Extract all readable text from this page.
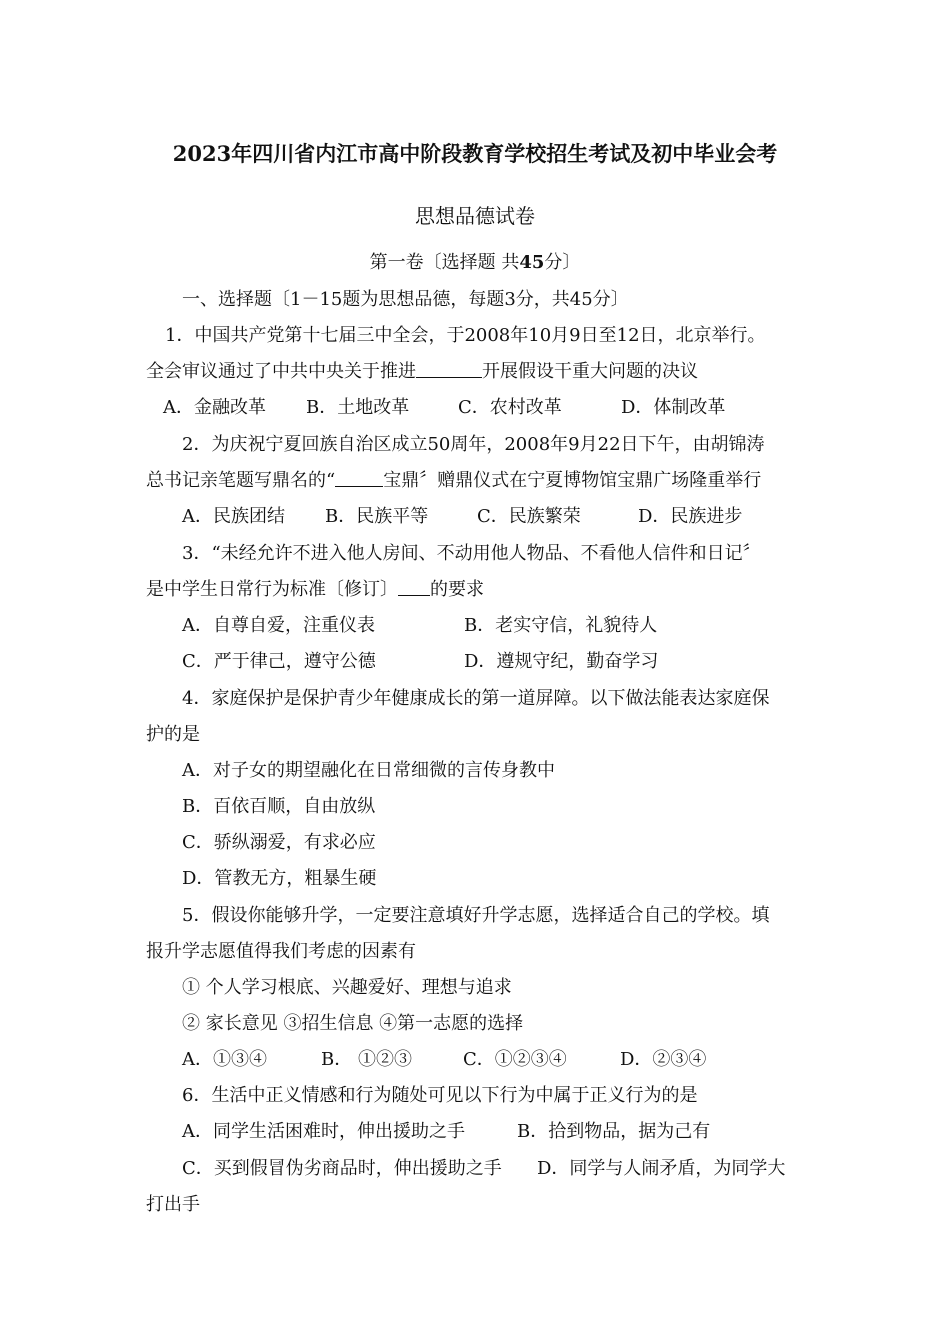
2023年四川省内江市高中阶段教育学校招生考试及初中毕业会考
思想品德试卷
第一卷〔选择题 共45分〕
一、选择题〔1－15题为思想品德，每题3分，共45分〕
1．中国共产党第十七届三中全会，于2008年10月9日至12日，北京举行。
全会审议通过了中共中央关于推进	开展假设干重大问题的决议
A．金融改革 B．土地改革	C．农村改革	D．体制改革
2．为庆祝宁夏回族自治区成立50周年，2008年9月22日下午，由胡锦涛
总书记亲笔题写鼎名的“	宝鼎〞赠鼎仪式在宁夏博物馆宝鼎广场隆重举行
A．民族团结 B．民族平等	C．民族繁荣	D．民族进步
3．“未经允许不进入他人房间、不动用他人物品、不看他人信件和日记〞
是中学生日常行为标准〔修订〕 的要求
A．自尊自爱，注重仪表	B．老实守信，礼貌待人
C．严于律己，遵守公德	D．遵规守纪，勤奋学习
4．家庭保护是保护青少年健康成长的第一道屏障。以下做法能表达家庭保
护的是
A．对子女的期望融化在日常细微的言传身教中
B．百依百顺，自由放纵
C．骄纵溺爱，有求必应
D．管教无方，粗暴生硬
5．假设你能够升学，一定要注意填好升学志愿，选择适合自己的学校。填
报升学志愿值得我们考虑的因素有
① 个人学习根底、兴趣爱好、理想与追求
② 家长意见 ③招生信息 ④第一志愿的选择
A．①③④	B． ①②③	C．①②③④	D．②③④
6．生活中正义情感和行为随处可见以下行为中属于正义行为的是
A．同学生活困难时，伸出援助之手	B．拾到物品，据为己有
C．买到假冒伪劣商品时，伸出援助之手 D．同学与人闹矛盾，为同学大
打出手
